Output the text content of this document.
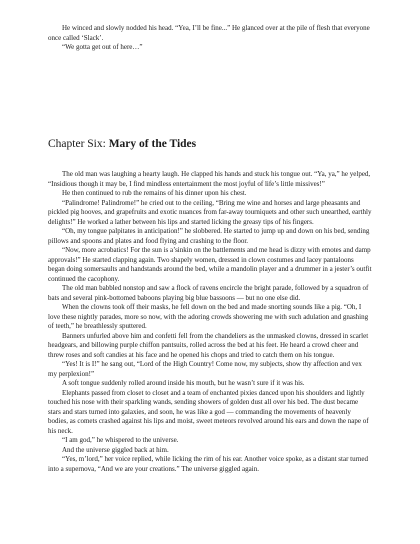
He winced and slowly nodded his head. “Yea, I’ll be fine...” He glanced over at the pile of flesh that everyone once called ‘Slack’.

“We gotta get out of here…”

Chapter Six: Mary of the Tides

The old man was laughing a hearty laugh. He clapped his hands and stuck his tongue out. “Ya, ya,” he yelped, “Insidious though it may be, I find mindless entertainment the most joyful of life’s little missives!”

He then continued to rub the remains of his dinner upon his chest.

“Palindrome! Palindrome!” he cried out to the ceiling, “Bring me wine and horses and large pheasants and pickled pig hooves, and grapefruits and exotic nuances from far-away tourniquets and other such unearthed, earthly delights!” He worked a lather between his lips and started licking the greasy tips of his fingers.

“Oh, my tongue palpitates in anticipation!” he slobbered. He started to jump up and down on his bed, sending pillows and spoons and plates and food flying and crashing to the floor.

“Now, more acrobatics! For the sun is a’sinkin on the battlements and me head is dizzy with emotes and damp approvals!” He started clapping again. Two shapely women, dressed in clown costumes and lacey pantaloons began doing somersaults and handstands around the bed, while a mandolin player and a drummer in a jester’s outfit continued the cacophony.

The old man babbled nonstop and saw a flock of ravens encircle the bright parade, followed by a squadron of bats and several pink-bottomed baboons playing big blue bassoons — but no one else did.

When the clowns took off their masks, he fell down on the bed and made snorting sounds like a pig. “Oh, I love these nightly parades, more so now, with the adoring crowds showering me with such adulation and gnashing of teeth,” he breathlessly sputtered.

Banners unfurled above him and confetti fell from the chandeliers as the unmasked clowns, dressed in scarlet headgears, and billowing purple chiffon pantsuits, rolled across the bed at his feet. He heard a crowd cheer and threw roses and soft candies at his face and he opened his chops and tried to catch them on his tongue.

“Yes! It is I!” he sang out, “Lord of the High Country! Come now, my subjects, show thy affection and vex my perplexion!”

A soft tongue suddenly rolled around inside his mouth, but he wasn’t sure if it was his.

Elephants passed from closet to closet and a team of enchanted pixies danced upon his shoulders and lightly touched his nose with their sparkling wands, sending showers of golden dust all over his bed. The dust became stars and stars turned into galaxies, and soon, he was like a god — commanding the movements of heavenly bodies, as comets crashed against his lips and moist, sweet meteors revolved around his ears and down the nape of his neck.

“I am god,” he whispered to the universe.

And the universe giggled back at him.

“Yes, m’lord,” her voice replied, while licking the rim of his ear. Another voice spoke, as a distant star turned into a supernova, “And we are your creations.” The universe giggled again.
